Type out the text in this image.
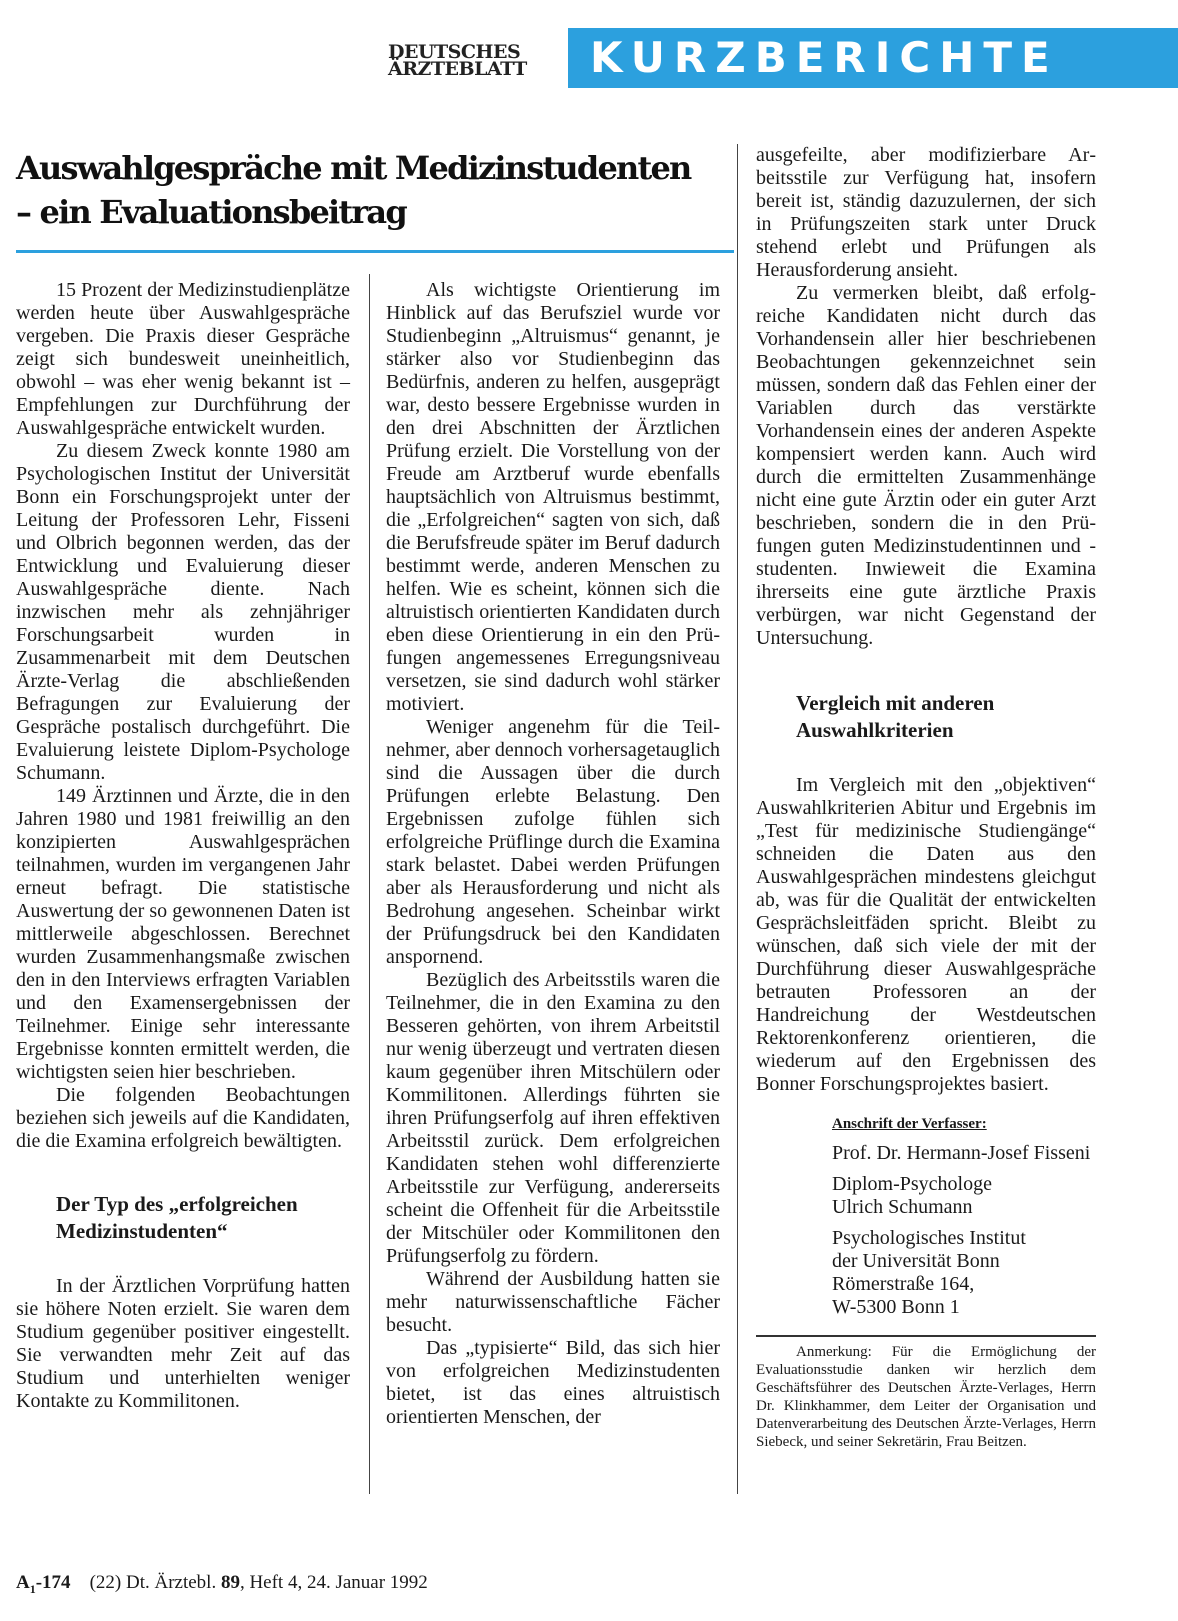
DEUTSCHES
ÄRZTEBLATT	KURZBERICHTE
Auswahlgespräche mit Medizinstudenten
– ein Evaluationsbeitrag

15 Prozent der Medizinstudienplätze werden heute über Auswahlgespräche vergeben. Die Praxis dieser Gespräche zeigt sich bundesweit uneinheitlich, obwohl – was eher wenig bekannt ist – Empfehlungen zur Durchführung der Auswahlgespräche entwickelt wurden.

Zu diesem Zweck konnte 1980 am Psychologischen Institut der Universität Bonn ein Forschungsprojekt unter der Leitung der Professoren Lehr, Fisseni und Olbrich begonnen werden, das der Entwicklung und Evaluierung dieser Auswahlgespräche diente. Nach inzwischen mehr als zehnjähriger Forschungsarbeit wurden in Zusammenarbeit mit dem Deutschen Ärzte-Verlag die abschließenden Befragungen zur Evaluierung der Gespräche postalisch durchgeführt. Die Evaluierung leistete Diplom-Psychologe Schumann.

149 Ärztinnen und Ärzte, die in den Jahren 1980 und 1981 freiwillig an den konzipierten Auswahlgesprächen teilnahmen, wurden im vergangenen Jahr erneut befragt. Die statistische Auswertung der so gewonnenen Daten ist mittlerweile abgeschlossen. Berechnet wurden Zusammenhangsmaße zwischen den in den Interviews erfragten Variablen und den Examensergebnissen der Teilnehmer. Einige sehr interessante Ergebnisse konnten ermittelt werden, die wichtigsten seien hier beschrieben.

Die folgenden Beobachtungen beziehen sich jeweils auf die Kandidaten, die die Examina erfolgreich bewältigten.

Der Typ des „erfolgreichen Medizinstudenten“

In der Ärztlichen Vorprüfung hatten sie höhere Noten erzielt. Sie waren dem Studium gegenüber positiver eingestellt. Sie verwandten mehr Zeit auf das Studium und unterhielten weniger Kontakte zu Kommilitonen.

Als wichtigste Orientierung im Hinblick auf das Berufsziel wurde vor Studienbeginn „Altruismus“ genannt, je stärker also vor Studienbeginn das Bedürfnis, anderen zu helfen, ausgeprägt war, desto bessere Ergebnisse wurden in den drei Abschnitten der Ärztlichen Prüfung erzielt. Die Vorstellung von der Freude am Arztberuf wurde ebenfalls hauptsächlich von Altruismus bestimmt, die „Erfolgreichen“ sagten von sich, daß die Berufsfreude später im Beruf dadurch bestimmt werde, anderen Menschen zu helfen. Wie es scheint, können sich die altruistisch orientierten Kandidaten durch eben diese Orientierung in ein den Prüfungen angemessenes Erregungsniveau versetzen, sie sind dadurch wohl stärker motiviert.

Weniger angenehm für die Teilnehmer, aber dennoch vorhersagetauglich sind die Aussagen über die durch Prüfungen erlebte Belastung. Den Ergebnissen zufolge fühlen sich erfolgreiche Prüflinge durch die Examina stark belastet. Dabei werden Prüfungen aber als Herausforderung und nicht als Bedrohung angesehen. Scheinbar wirkt der Prüfungsdruck bei den Kandidaten anspornend.

Bezüglich des Arbeitsstils waren die Teilnehmer, die in den Examina zu den Besseren gehörten, von ihrem Arbeitstil nur wenig überzeugt und vertraten diesen kaum gegenüber ihren Mitschülern oder Kommilitonen. Allerdings führten sie ihren Prüfungserfolg auf ihren effektiven Arbeitsstil zurück. Dem erfolgreichen Kandidaten stehen wohl differenzierte Arbeitsstile zur Verfügung, andererseits scheint die Offenheit für die Arbeitsstile der Mitschüler oder Kommilitonen den Prüfungserfolg zu fördern.

Während der Ausbildung hatten sie mehr naturwissenschaftliche Fächer besucht.

Das „typisierte“ Bild, das sich hier von erfolgreichen Medizinstudenten bietet, ist das eines altruistisch orientierten Menschen, der

ausgefeilte, aber modifizierbare Arbeitsstile zur Verfügung hat, insofern bereit ist, ständig dazuzulernen, der sich in Prüfungszeiten stark unter Druck stehend erlebt und Prüfungen als Herausforderung ansieht.

Zu vermerken bleibt, daß erfolgreiche Kandidaten nicht durch das Vorhandensein aller hier beschriebenen Beobachtungen gekennzeichnet sein müssen, sondern daß das Fehlen einer der Variablen durch das verstärkte Vorhandensein eines der anderen Aspekte kompensiert werden kann. Auch wird durch die ermittelten Zusammenhänge nicht eine gute Ärztin oder ein guter Arzt beschrieben, sondern die in den Prüfungen guten Medizinstudentinnen und -studenten. Inwieweit die Examina ihrerseits eine gute ärztliche Praxis verbürgen, war nicht Gegenstand der Untersuchung.

Vergleich mit anderen Auswahlkriterien

Im Vergleich mit den „objektiven“ Auswahlkriterien Abitur und Ergebnis im „Test für medizinische Studiengänge“ schneiden die Daten aus den Auswahlgesprächen mindestens gleichgut ab, was für die Qualität der entwickelten Gesprächsleitfäden spricht. Bleibt zu wünschen, daß sich viele der mit der Durchführung dieser Auswahlgespräche betrauten Professoren an der Handreichung der Westdeutschen Rektorenkonferenz orientieren, die wiederum auf den Ergebnissen des Bonner Forschungsprojektes basiert.

Anschrift der Verfasser:

Prof. Dr. Hermann-Josef Fisseni

Diplom-Psychologe

Ulrich Schumann

Psychologisches Institut

der Universität Bonn

Römerstraße 164,

W-5300 Bonn 1

Anmerkung: Für die Ermöglichung der Evaluationsstudie danken wir herzlich dem Geschäftsführer des Deutschen Ärzte-Verlages, Herrn Dr. Klinkhammer, dem Leiter der Organisation und Datenverarbeitung des Deutschen Ärzte-Verlages, Herrn Siebeck, und seiner Sekretärin, Frau Beitzen.

$A_1-174$ (22) Dt. Ärztebl. 89, Heft 4, 24. Januar 1992
